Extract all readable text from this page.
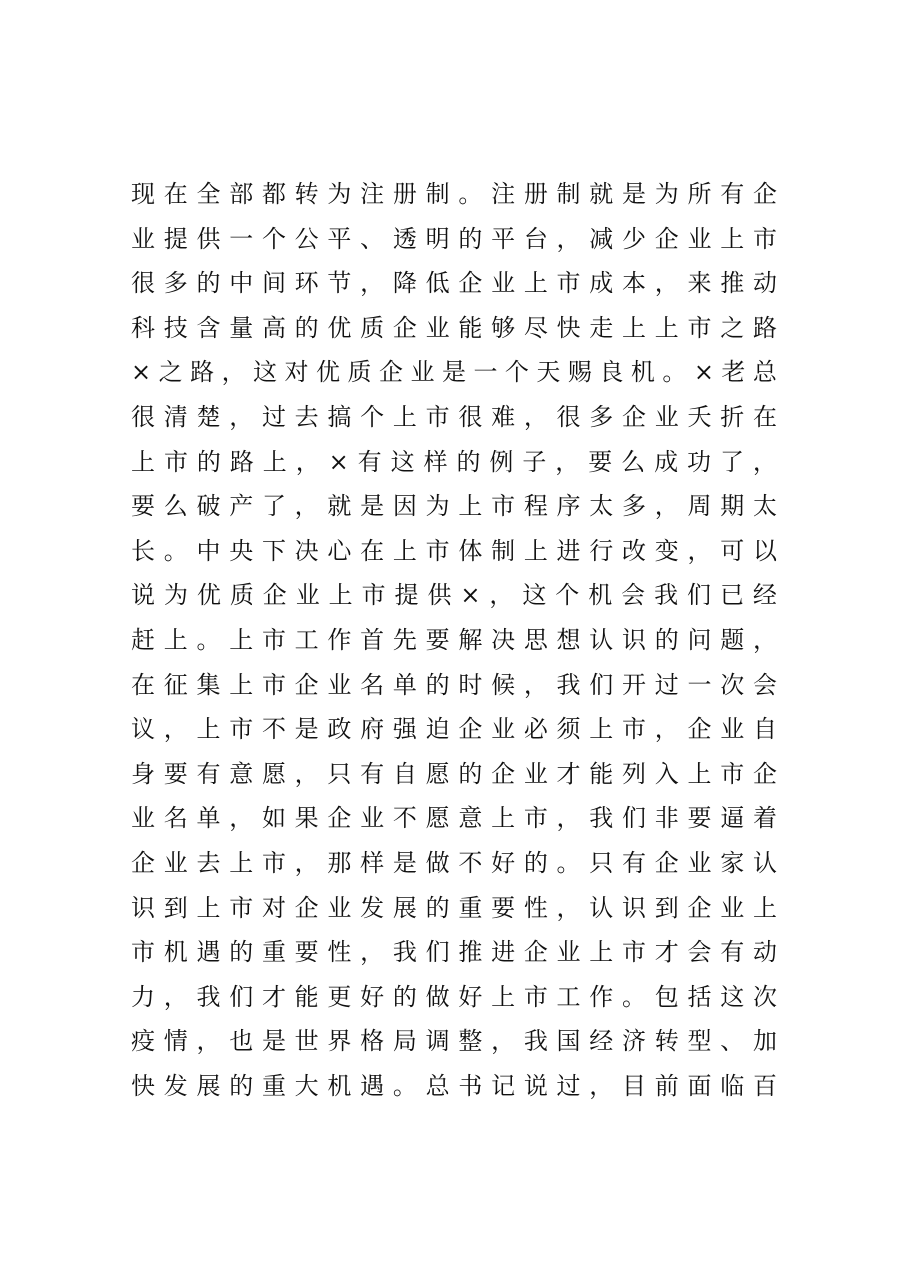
现 在 全 部 都 转 为 注 册 制 。 注 册 制 就 是 为 所 有 企
业 提 供 一 个 公 平 、 透 明 的 平 台 ， 减 少 企 业 上 市
很 多 的 中 间 环 节 ， 降 低 企 业 上 市 成 本 ， 来 推 动
科 技 含 量 高 的 优 质 企 业 能 够 尽 快 走 上 上 市 之 路
× 之 路 ， 这 对 优 质 企 业 是 一 个 天 赐 良 机 。 × 老 总
很 清 楚 ， 过 去 搞 个 上 市 很 难 ， 很 多 企 业 夭 折 在
上 市 的 路 上 ， × 有 这 样 的 例 子 ， 要 么 成 功 了 ，
要 么 破 产 了 ， 就 是 因 为 上 市 程 序 太 多 ， 周 期 太
长 。 中 央 下 决 心 在 上 市 体 制 上 进 行 改 变 ， 可 以
说 为 优 质 企 业 上 市 提 供 × ， 这 个 机 会 我 们 已 经
赶 上 。 上 市 工 作 首 先 要 解 决 思 想 认 识 的 问 题 ，
在 征 集 上 市 企 业 名 单 的 时 候 ， 我 们 开 过 一 次 会
议 ， 上 市 不 是 政 府 强 迫 企 业 必 须 上 市 ， 企 业 自
身 要 有 意 愿 ， 只 有 自 愿 的 企 业 才 能 列 入 上 市 企
业 名 单 ， 如 果 企 业 不 愿 意 上 市 ， 我 们 非 要 逼 着
企 业 去 上 市 ， 那 样 是 做 不 好 的 。 只 有 企 业 家 认
识 到 上 市 对 企 业 发 展 的 重 要 性 ， 认 识 到 企 业 上
市 机 遇 的 重 要 性 ， 我 们 推 进 企 业 上 市 才 会 有 动
力 ， 我 们 才 能 更 好 的 做 好 上 市 工 作 。 包 括 这 次
疫 情 ， 也 是 世 界 格 局 调 整 ， 我 国 经 济 转 型 、 加
快 发 展 的 重 大 机 遇 。 总 书 记 说 过 ， 目 前 面 临 百
